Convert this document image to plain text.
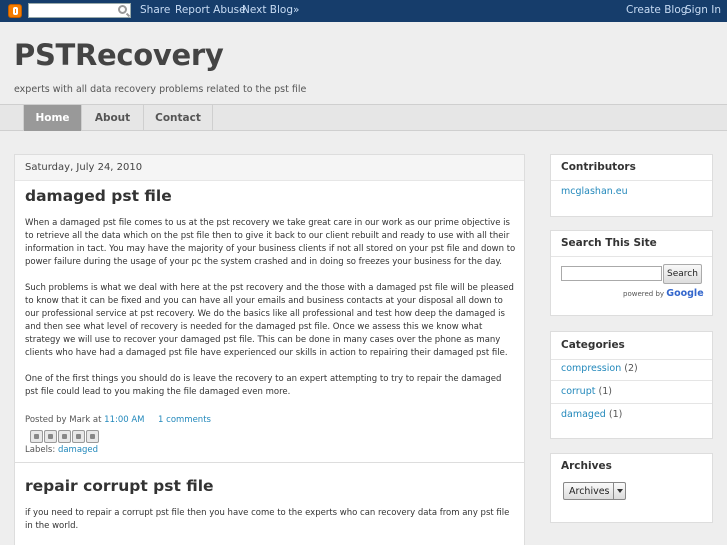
Share Report Abuse
Next Blog»	Create Blog
Sign In
PSTRecovery
experts with all data recovery problems related to the pst file
Home	About	Contact
Saturday, July 24, 2010
damaged pst file

When a damaged pst file comes to us at the pst recovery we take great care in our work as our prime objective is to retrieve all the data which on the pst file then to give it back to our client rebuilt and ready to use with all their information in tact. You may have the majority of your business clients if not all stored on your pst file and down to power failure during the usage of your pc the system crashed and in doing so freezes your business for the day.

Such problems is what we deal with here at the pst recovery and the those with a damaged pst file will be pleased to know that it can be fixed and you can have all your emails and business contacts at your disposal all down to our professional service at pst recovery. We do the basics like all professional and test how deep the damaged is and then see what level of recovery is needed for the damaged pst file. Once we assess this we know what strategy we will use to recover your damaged pst file. This can be done in many cases over the phone as many clients who have had a damaged pst file have experienced our skills in action to repairing their damaged pst file.

One of the first things you should do is leave the recovery to an expert attempting to try to repair the damaged pst file could lead to you making the file damaged even more.

Posted by Mark at 11:00 AM 1 comments
Labels: damaged
repair corrupt pst file

if you need to repair a corrupt pst file then you have come to the experts who can recovery data from any pst file in the world.

Contributors
mcglashan.eu
Search This Site
Search
powered by Google
Categories
compression (2)
corrupt (1)
damaged (1)
Archives
Archives
